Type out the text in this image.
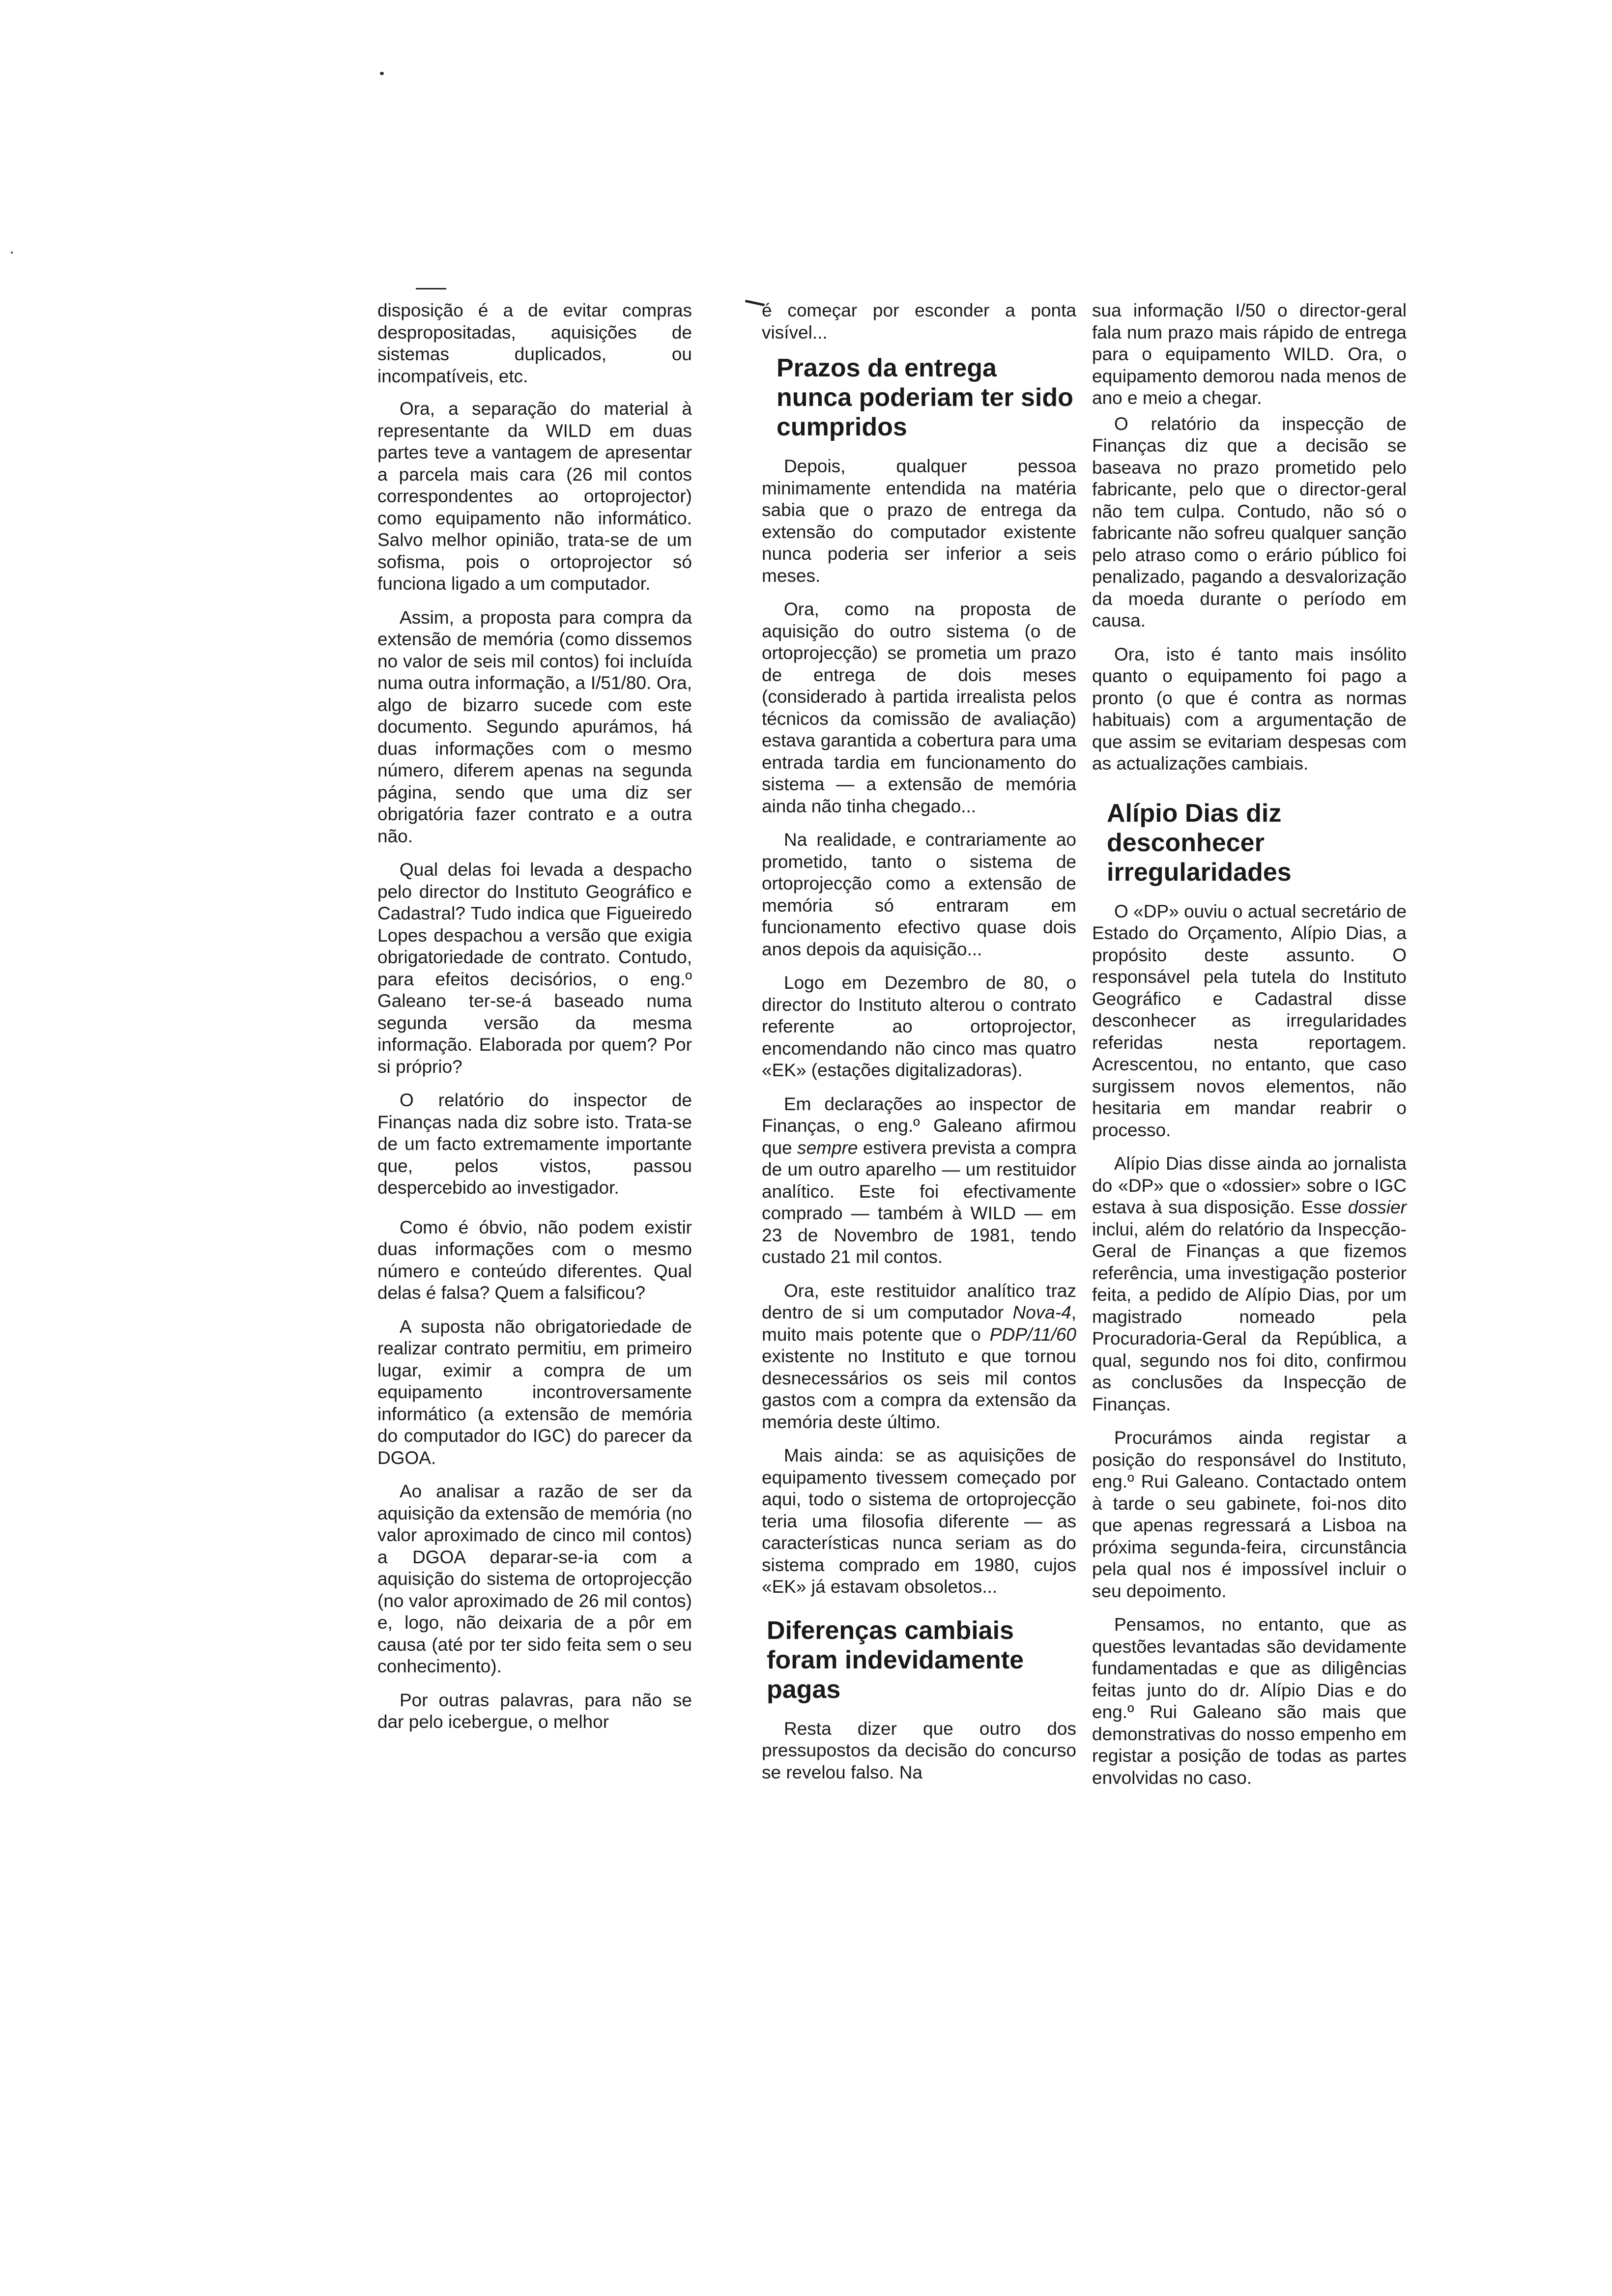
disposição é a de evitar compras despropositadas, aquisições de sistemas duplicados, ou incompatíveis, etc.

Ora, a separação do material à representante da WILD em duas partes teve a vantagem de apresentar a parcela mais cara (26 mil contos correspondentes ao ortoprojector) como equipamento não informático. Salvo melhor opinião, trata-se de um sofisma, pois o ortoprojector só funciona ligado a um computador.

Assim, a proposta para compra da extensão de memória (como dissemos no valor de seis mil contos) foi incluída numa outra informação, a I/51/80. Ora, algo de bizarro sucede com este documento. Segundo apurámos, há duas informações com o mesmo número, diferem apenas na segunda página, sendo que uma diz ser obrigatória fazer contrato e a outra não.

Qual delas foi levada a despacho pelo director do Instituto Geográfico e Cadastral? Tudo indica que Figueiredo Lopes despachou a versão que exigia obrigatoriedade de contrato. Contudo, para efeitos decisórios, o eng.º Galeano ter-se-á baseado numa segunda versão da mesma informação. Elaborada por quem? Por si próprio?

O relatório do inspector de Finanças nada diz sobre isto. Trata-se de um facto extremamente importante que, pelos vistos, passou despercebido ao investigador.

Como é óbvio, não podem existir duas informações com o mesmo número e conteúdo diferentes. Qual delas é falsa? Quem a falsificou?

A suposta não obrigatoriedade de realizar contrato permitiu, em primeiro lugar, eximir a compra de um equipamento incontroversamente informático (a extensão de memória do computador do IGC) do parecer da DGOA.

Ao analisar a razão de ser da aquisição da extensão de memória (no valor aproximado de cinco mil contos) a DGOA deparar-se-ia com a aquisição do sistema de ortoprojecção (no valor aproximado de 26 mil contos) e, logo, não deixaria de a pôr em causa (até por ter sido feita sem o seu conhecimento).

Por outras palavras, para não se dar pelo icebergue, o melhor

é começar por esconder a ponta visível...

Prazos da entrega nunca poderiam ter sido cumpridos

Depois, qualquer pessoa minimamente entendida na matéria sabia que o prazo de entrega da extensão do computador existente nunca poderia ser inferior a seis meses.

Ora, como na proposta de aquisição do outro sistema (o de ortoprojecção) se prometia um prazo de entrega de dois meses (considerado à partida irrealista pelos técnicos da comissão de avaliação) estava garantida a cobertura para uma entrada tardia em funcionamento do sistema — a extensão de memória ainda não tinha chegado...

Na realidade, e contrariamente ao prometido, tanto o sistema de ortoprojecção como a extensão de memória só entraram em funcionamento efectivo quase dois anos depois da aquisição...

Logo em Dezembro de 80, o director do Instituto alterou o contrato referente ao ortoprojector, encomendando não cinco mas quatro «EK» (estações digitalizadoras).

Em declarações ao inspector de Finanças, o eng.º Galeano afirmou que sempre estivera prevista a compra de um outro aparelho — um restituidor analítico. Este foi efectivamente comprado — também à WILD — em 23 de Novembro de 1981, tendo custado 21 mil contos.

Ora, este restituidor analítico traz dentro de si um computador Nova-4, muito mais potente que o PDP/11/60 existente no Instituto e que tornou desnecessários os seis mil contos gastos com a compra da extensão da memória deste último.

Mais ainda: se as aquisições de equipamento tivessem começado por aqui, todo o sistema de ortoprojecção teria uma filosofia diferente — as características nunca seriam as do sistema comprado em 1980, cujos «EK» já estavam obsoletos...

Diferenças cambiais foram indevidamente pagas

Resta dizer que outro dos pressupostos da decisão do concurso se revelou falso. Na

sua informação I/50 o director-geral fala num prazo mais rápido de entrega para o equipamento WILD. Ora, o equipamento demorou nada menos de ano e meio a chegar.

O relatório da inspecção de Finanças diz que a decisão se baseava no prazo prometido pelo fabricante, pelo que o director-geral não tem culpa. Contudo, não só o fabricante não sofreu qualquer sanção pelo atraso como o erário público foi penalizado, pagando a desvalorização da moeda durante o período em causa.

Ora, isto é tanto mais insólito quanto o equipamento foi pago a pronto (o que é contra as normas habituais) com a argumentação de que assim se evitariam despesas com as actualizações cambiais.

Alípio Dias diz desconhecer irregularidades

O «DP» ouviu o actual secretário de Estado do Orçamento, Alípio Dias, a propósito deste assunto. O responsável pela tutela do Instituto Geográfico e Cadastral disse desconhecer as irregularidades referidas nesta reportagem. Acrescentou, no entanto, que caso surgissem novos elementos, não hesitaria em mandar reabrir o processo.

Alípio Dias disse ainda ao jornalista do «DP» que o «dossier» sobre o IGC estava à sua disposição. Esse dossier inclui, além do relatório da Inspecção-Geral de Finanças a que fizemos referência, uma investigação posterior feita, a pedido de Alípio Dias, por um magistrado nomeado pela Procuradoria-Geral da República, a qual, segundo nos foi dito, confirmou as conclusões da Inspecção de Finanças.

Procurámos ainda registar a posição do responsável do Instituto, eng.º Rui Galeano. Contactado ontem à tarde o seu gabinete, foi-nos dito que apenas regressará a Lisboa na próxima segunda-feira, circunstância pela qual nos é impossível incluir o seu depoimento.

Pensamos, no entanto, que as questões levantadas são devidamente fundamentadas e que as diligências feitas junto do dr. Alípio Dias e do eng.º Rui Galeano são mais que demonstrativas do nosso empenho em registar a posição de todas as partes envolvidas no caso.
